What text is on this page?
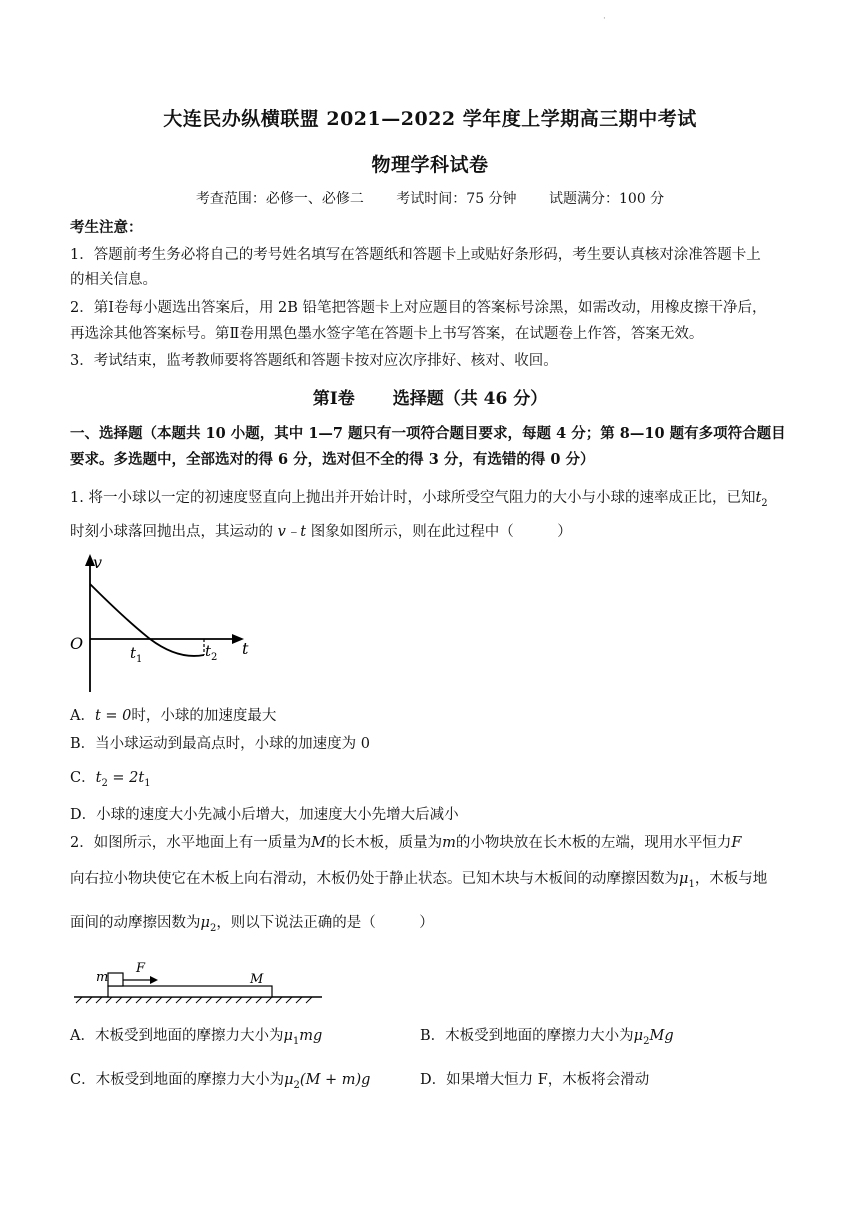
·
大连民办纵横联盟 2021—2022 学年度上学期高三期中考试
物理学科试卷
考查范围：必修一、必修二 考试时间：75 分钟 试题满分：100 分
考生注意：
1．答题前考生务必将自己的考号姓名填写在答题纸和答题卡上或贴好条形码，考生要认真核对涂准答题卡上
的相关信息。
2．第Ⅰ卷每小题选出答案后，用 2B 铅笔把答题卡上对应题目的答案标号涂黑，如需改动，用橡皮擦干净后，
再选涂其他答案标号。第Ⅱ卷用黑色墨水签字笔在答题卡上书写答案，在试题卷上作答，答案无效。
3．考试结束，监考教师要将答题纸和答题卡按对应次序排好、核对、收回。
第Ⅰ卷 选择题（共 46 分）
一、选择题（本题共 10 小题，其中 1—7 题只有一项符合题目要求，每题 4 分；第 8—10 题有多项符合题目
要求。多选题中，全部选对的得 6 分，选对但不全的得 3 分，有选错的得 0 分）
1. 将一小球以一定的初速度竖直向上抛出并开始计时，小球所受空气阻力的大小与小球的速率成正比，已知$t_2$
时刻小球落回抛出点，其运动的 v﹣t 图象如图所示，则在此过程中（　　　）
v
O	t
t 1	t 2
A．t = 0时，小球的加速度最大
B．当小球运动到最高点时，小球的加速度为 0
C．$t_2 = 2t_1$
D．小球的速度大小先减小后增大，加速度大小先增大后减小
2．如图所示，水平地面上有一质量为M的长木板，质量为m的小物块放在长木板的左端，现用水平恒力F
向右拉小物块使它在木板上向右滑动，木板仍处于静止状态。已知木块与木板间的动摩擦因数为$\mu_1$，木板与地
面间的动摩擦因数为$\mu_2$，则以下说法正确的是（　　　）
m
F
M
A．木板受到地面的摩擦力大小为$\mu_1mg$	B．木板受到地面的摩擦力大小为$\mu_2Mg$
C．木板受到地面的摩擦力大小为$\mu_2(M + m)g$	D．如果增大恒力 F，木板将会滑动
